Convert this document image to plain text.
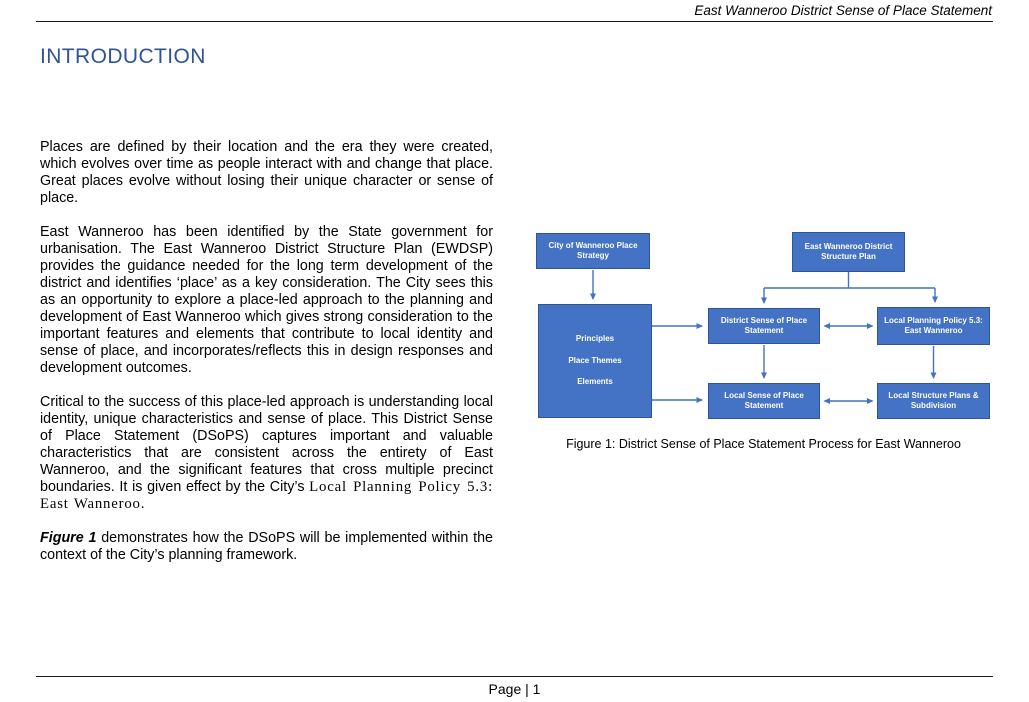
East Wanneroo District Sense of Place Statement
INTRODUCTION

Places are defined by their location and the era they were created, which evolves over time as people interact with and change that place. Great places evolve without losing their unique character or sense of place.

East Wanneroo has been identified by the State government for urbanisation. The East Wanneroo District Structure Plan (EWDSP) provides the guidance needed for the long term development of the district and identifies ‘place’ as a key consideration. The City sees this as an opportunity to explore a place-led approach to the planning and development of East Wanneroo which gives strong consideration to the important features and elements that contribute to local identity and sense of place, and incorporates/reflects this in design responses and development outcomes.

Critical to the success of this place-led approach is understanding local identity, unique characteristics and sense of place. This District Sense of Place Statement (DSoPS) captures important and valuable characteristics that are consistent across the entirety of East Wanneroo, and the significant features that cross multiple precinct boundaries. It is given effect by the City’s Local Planning Policy 5.3: East Wanneroo.

Figure 1 demonstrates how the DSoPS will be implemented within the context of the City’s planning framework.

City of Wanneroo Place Strategy
East Wanneroo District Structure Plan
Principles
Place Themes
Elements
District Sense of Place Statement
Local Planning Policy 5.3: East Wanneroo
Local Sense of Place Statement
Local Structure Plans & Subdivision
Figure 1: District Sense of Place Statement Process for East Wanneroo
Page | 1
